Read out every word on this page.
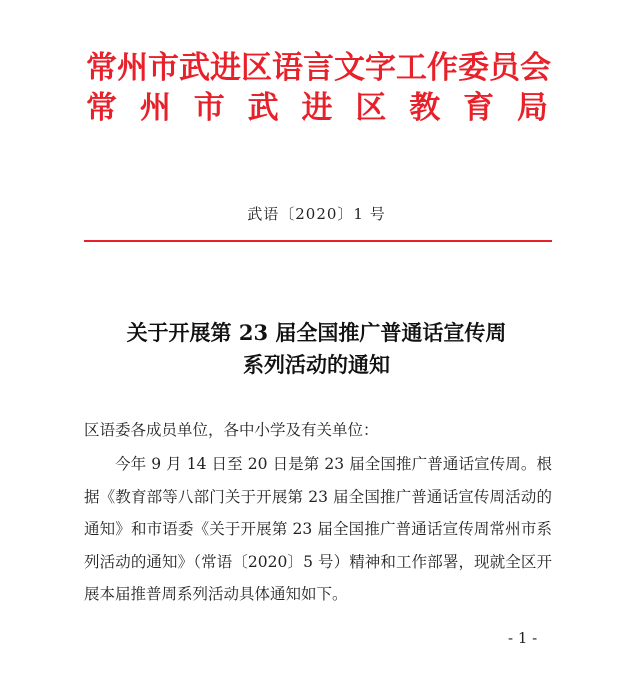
常州市武进区语言文字工作委员会
常州市武进区教育局
武语〔2020〕1 号
关于开展第 23 届全国推广普通话宣传周
系列活动的通知
区语委各成员单位，各中小学及有关单位：
今年 9 月 14 日至 20 日是第 23 届全国推广普通话宣传周。根据《教育部等八部门关于开展第 23 届全国推广普通话宣传周活动的通知》和市语委《关于开展第 23 届全国推广普通话宣传周常州市系列活动的通知》（常语〔2020〕5 号）精神和工作部署，现就全区开展本届推普周系列活动具体通知如下。
- 1 -
